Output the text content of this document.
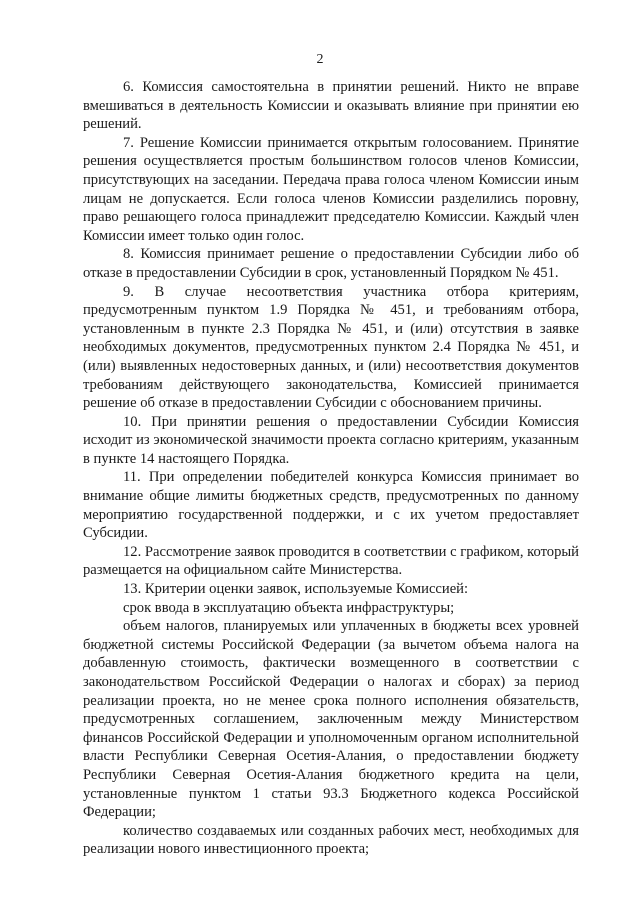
2

6. Комиссия самостоятельна в принятии решений. Никто не вправе вмешиваться в деятельность Комиссии и оказывать влияние при принятии ею решений.

7. Решение Комиссии принимается открытым голосованием. Принятие решения осуществляется простым большинством голосов членов Комиссии, присутствующих на заседании. Передача права голоса членом Комиссии иным лицам не допускается. Если голоса членов Комиссии разделились поровну, право решающего голоса принадлежит председателю Комиссии. Каждый член Комиссии имеет только один голос.

8. Комиссия принимает решение о предоставлении Субсидии либо об отказе в предоставлении Субсидии в срок, установленный Порядком № 451.

9. В случае несоответствия участника отбора критериям, предусмотренным пунктом 1.9 Порядка № 451, и требованиям отбора, установленным в пункте 2.3 Порядка № 451, и (или) отсутствия в заявке необходимых документов, предусмотренных пунктом 2.4 Порядка № 451, и (или) выявленных недостоверных данных, и (или) несоответствия документов требованиям действующего законодательства, Комиссией принимается решение об отказе в предоставлении Субсидии с обоснованием причины.

10. При принятии решения о предоставлении Субсидии Комиссия исходит из экономической значимости проекта согласно критериям, указанным в пункте 14 настоящего Порядка.

11. При определении победителей конкурса Комиссия принимает во внимание общие лимиты бюджетных средств, предусмотренных по данному мероприятию государственной поддержки, и с их учетом предоставляет Субсидии.

12. Рассмотрение заявок проводится в соответствии с графиком, который размещается на официальном сайте Министерства.

13. Критерии оценки заявок, используемые Комиссией:

срок ввода в эксплуатацию объекта инфраструктуры;

объем налогов, планируемых или уплаченных в бюджеты всех уровней бюджетной системы Российской Федерации (за вычетом объема налога на добавленную стоимость, фактически возмещенного в соответствии с законодательством Российской Федерации о налогах и сборах) за период реализации проекта, но не менее срока полного исполнения обязательств, предусмотренных соглашением, заключенным между Министерством финансов Российской Федерации и уполномоченным органом исполнительной власти Республики Северная Осетия-Алания, о предоставлении бюджету Республики Северная Осетия-Алания бюджетного кредита на цели, установленные пунктом 1 статьи 93.3 Бюджетного кодекса Российской Федерации;

количество создаваемых или созданных рабочих мест, необходимых для реализации нового инвестиционного проекта;
